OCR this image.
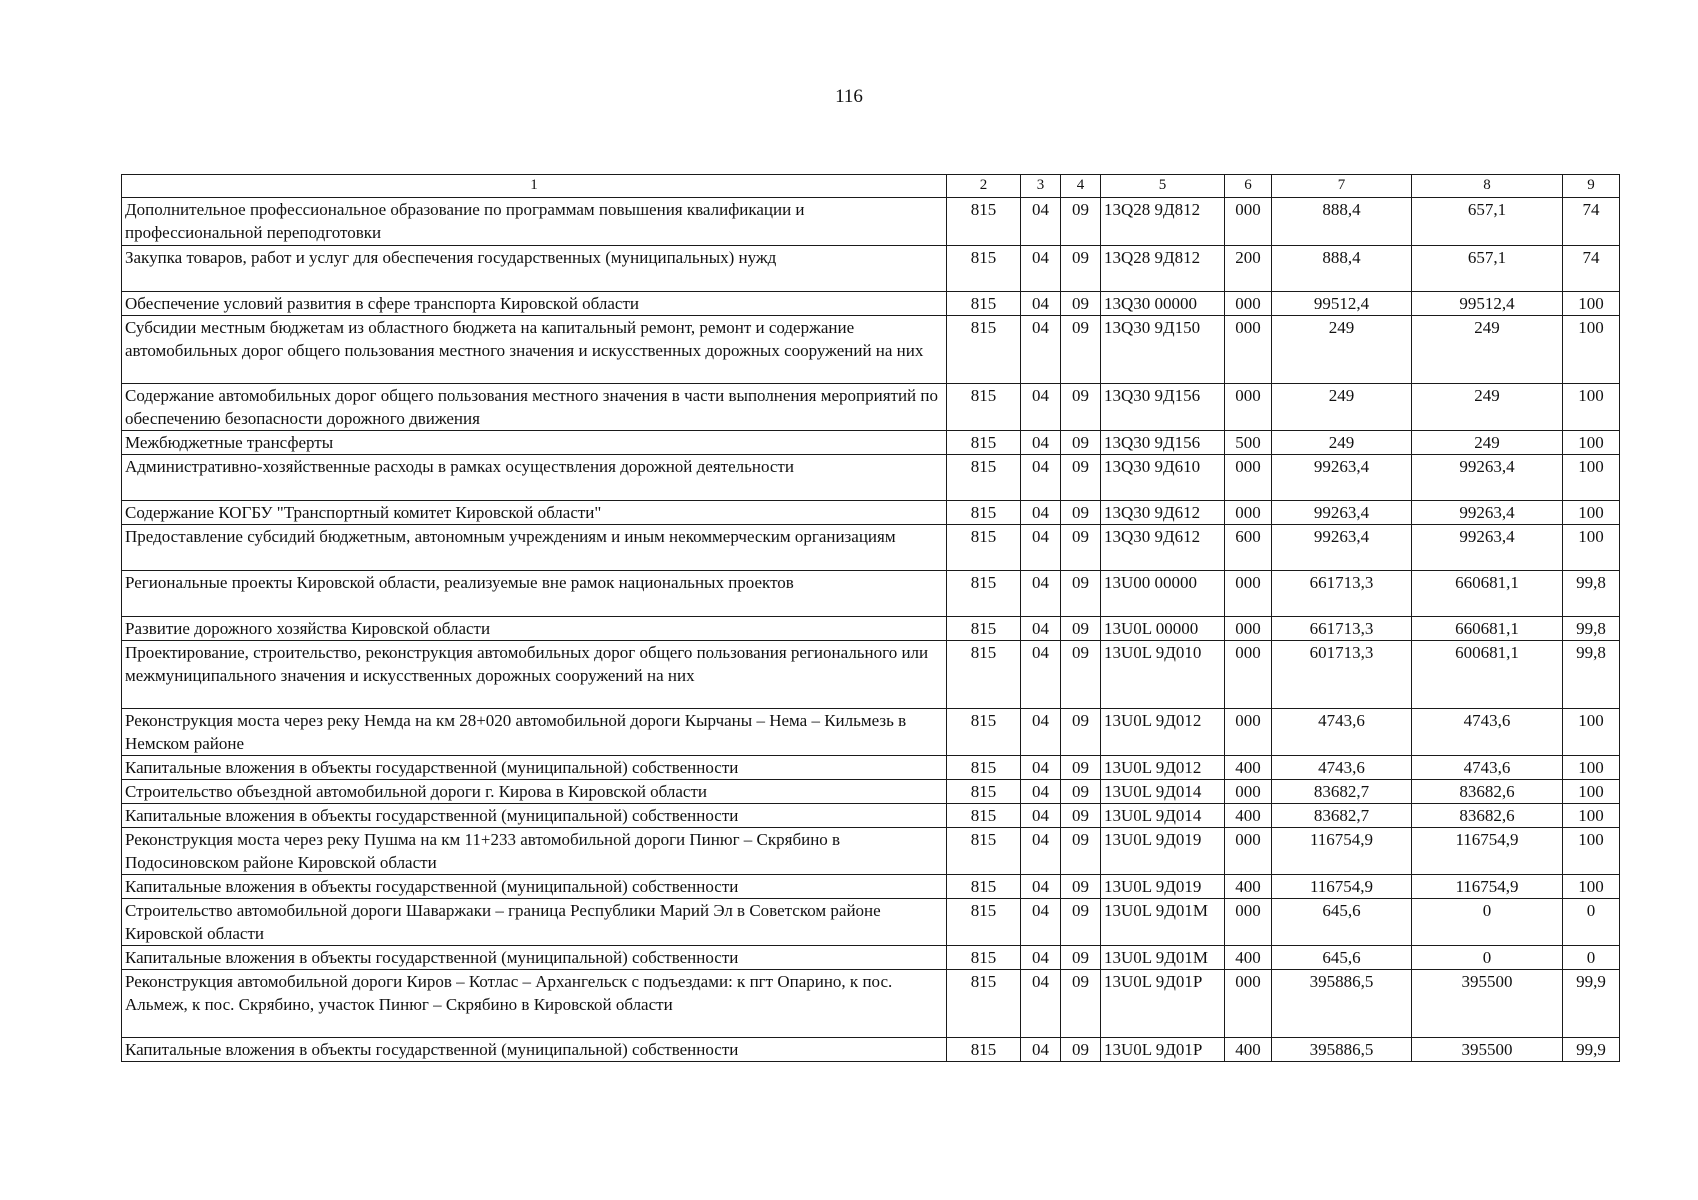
116
1	2	3	4	5	6	7	8	9
Дополнительное профессиональное образование по программам повышения квалификации и профессиональной переподготовки	815	04	09	13Q28 9Д812	000	888,4	657,1	74
Закупка товаров, работ и услуг для обеспечения государственных (муниципальных) нужд	815	04	09	13Q28 9Д812	200	888,4	657,1	74
Обеспечение условий развития в сфере транспорта Кировской области	815	04	09	13Q30 00000	000	99512,4	99512,4	100
Субсидии местным бюджетам из областного бюджета на капитальный ремонт, ремонт и содержание автомобильных дорог общего пользования местного значения и искусственных дорожных сооружений на них	815	04	09	13Q30 9Д150	000	249	249	100
Содержание автомобильных дорог общего пользования местного значения в части выполнения мероприятий по обеспечению безопасности дорожного движения	815	04	09	13Q30 9Д156	000	249	249	100
Межбюджетные трансферты	815	04	09	13Q30 9Д156	500	249	249	100
Административно-хозяйственные расходы в рамках осуществления дорожной деятельности	815	04	09	13Q30 9Д610	000	99263,4	99263,4	100
Содержание КОГБУ "Транспортный комитет Кировской области"	815	04	09	13Q30 9Д612	000	99263,4	99263,4	100
Предоставление субсидий бюджетным, автономным учреждениям и иным некоммерческим организациям	815	04	09	13Q30 9Д612	600	99263,4	99263,4	100
Региональные проекты Кировской области, реализуемые вне рамок национальных проектов	815	04	09	13U00 00000	000	661713,3	660681,1	99,8
Развитие дорожного хозяйства Кировской области	815	04	09	13U0L 00000	000	661713,3	660681,1	99,8
Проектирование, строительство, реконструкция автомобильных дорог общего пользования регионального или межмуниципального значения и искусственных дорожных сооружений на них	815	04	09	13U0L 9Д010	000	601713,3	600681,1	99,8
Реконструкция моста через реку Немда на км 28+020 автомобильной дороги Кырчаны – Нема – Кильмезь в Немском районе	815	04	09	13U0L 9Д012	000	4743,6	4743,6	100
Капитальные вложения в объекты государственной (муниципальной) собственности	815	04	09	13U0L 9Д012	400	4743,6	4743,6	100
Строительство объездной автомобильной дороги г. Кирова в Кировской области	815	04	09	13U0L 9Д014	000	83682,7	83682,6	100
Капитальные вложения в объекты государственной (муниципальной) собственности	815	04	09	13U0L 9Д014	400	83682,7	83682,6	100
Реконструкция моста через реку Пушма на км 11+233 автомобильной дороги Пинюг – Скрябино в Подосиновском районе Кировской области	815	04	09	13U0L 9Д019	000	116754,9	116754,9	100
Капитальные вложения в объекты государственной (муниципальной) собственности	815	04	09	13U0L 9Д019	400	116754,9	116754,9	100
Строительство автомобильной дороги Шаваржаки – граница Республики Марий Эл в Советском районе Кировской области	815	04	09	13U0L 9Д01М	000	645,6	0	0
Капитальные вложения в объекты государственной (муниципальной) собственности	815	04	09	13U0L 9Д01М	400	645,6	0	0
Реконструкция автомобильной дороги Киров – Котлас – Архангельск с подъездами: к пгт Опарино, к пос. Альмеж, к пос. Скрябино, участок Пинюг – Скрябино в Кировской области	815	04	09	13U0L 9Д01Р	000	395886,5	395500	99,9
Капитальные вложения в объекты государственной (муниципальной) собственности	815	04	09	13U0L 9Д01Р	400	395886,5	395500	99,9
